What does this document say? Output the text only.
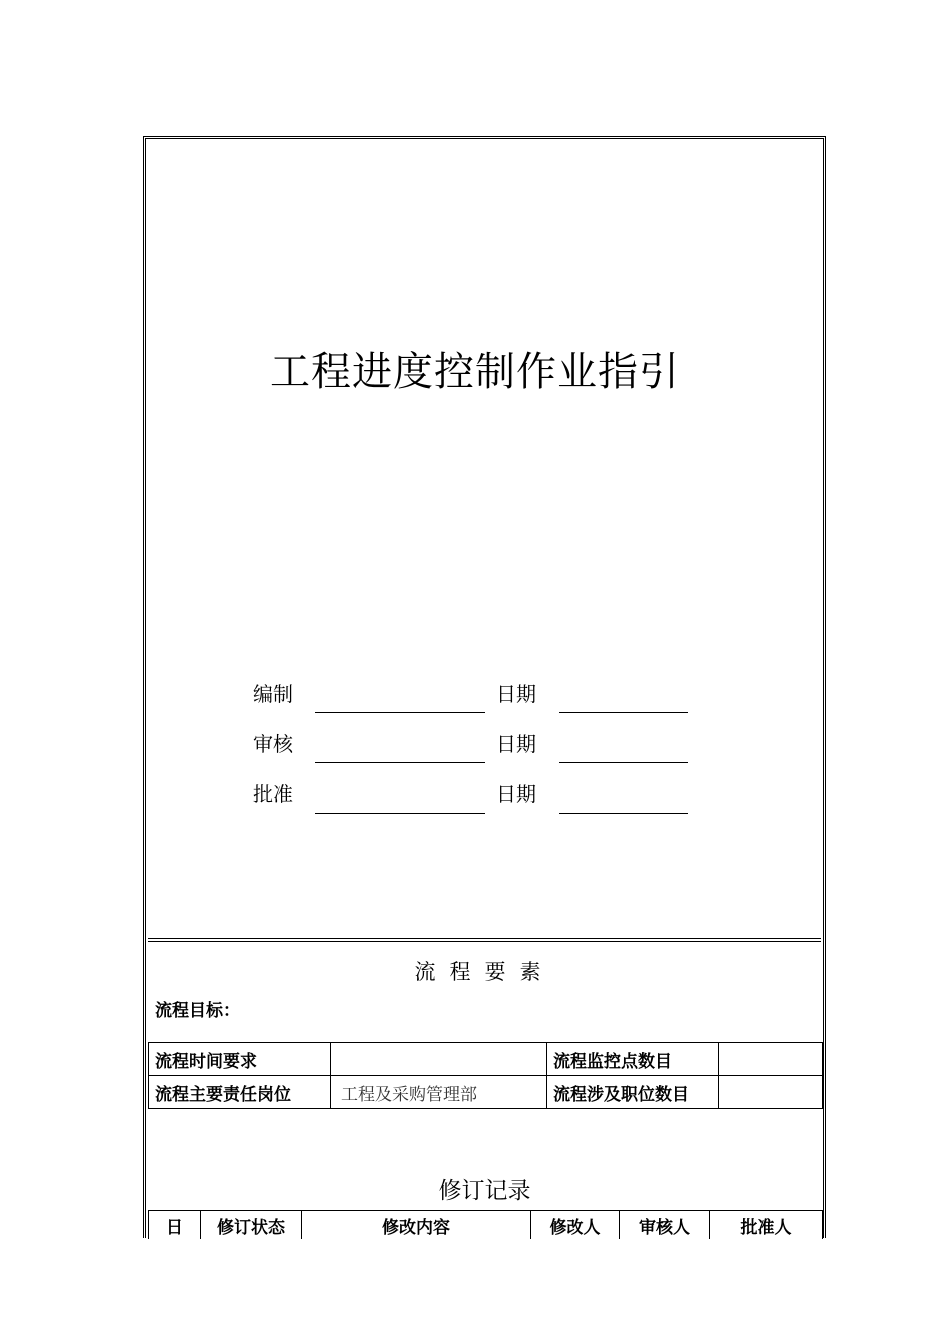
工程进度控制作业指引
编制	日期
审核	日期
批准	日期
流程要素
流程目标：
流程时间要求		流程监控点数目	
流程主要责任岗位	工程及采购管理部	流程涉及职位数目	
修订记录
日	修订状态	修改内容	修改人	审核人	批准人
